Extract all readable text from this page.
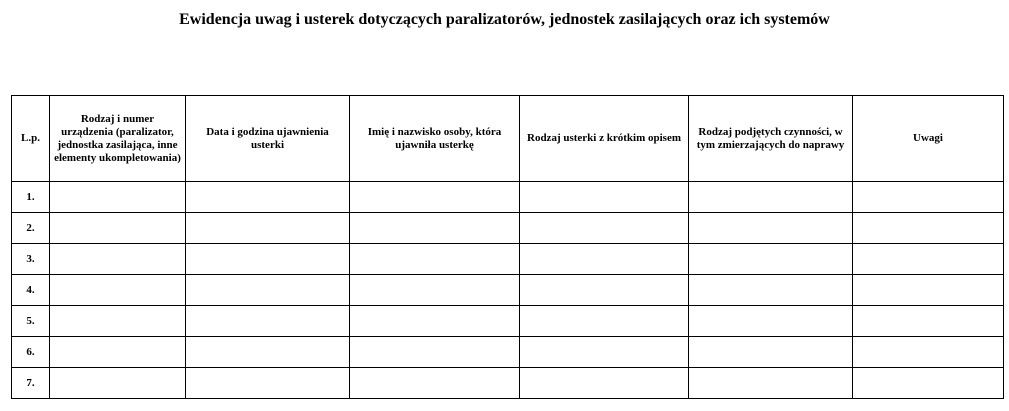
Ewidencja uwag i usterek dotyczących paralizatorów, jednostek zasilających oraz ich systemów
L.p.	Rodzaj i numer urządzenia (paralizator, jednostka zasilająca, inne elementy ukompletowania)	Data i godzina ujawnienia usterki	Imię i nazwisko osoby, która ujawniła usterkę	Rodzaj usterki z krótkim opisem	Rodzaj podjętych czynności, w tym zmierzających do naprawy	Uwagi
1.						
2.						
3.						
4.						
5.						
6.						
7.						
